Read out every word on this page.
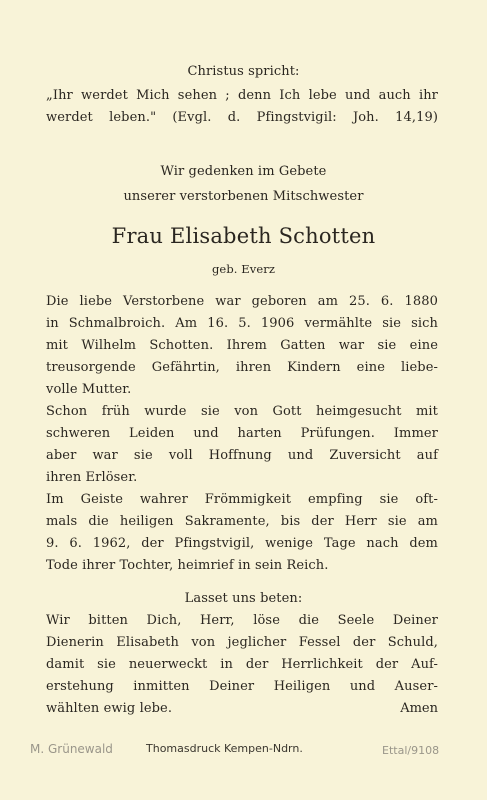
Christus spricht:
„Ihr werdet Mich sehen ; denn Ich lebe und auch ihr
werdet leben." (Evgl. d. Pfingstvigil: Joh. 14,19)
Wir gedenken im Gebete
unserer verstorbenen Mitschwester
Frau Elisabeth Schotten
geb. Everz
Die liebe Verstorbene war geboren am 25. 6. 1880
in Schmalbroich. Am 16. 5. 1906 vermählte sie sich
mit Wilhelm Schotten. Ihrem Gatten war sie eine
treusorgende Gefährtin, ihren Kindern eine liebe-
volle Mutter.
Schon früh wurde sie von Gott heimgesucht mit
schweren Leiden und harten Prüfungen. Immer
aber war sie voll Hoffnung und Zuversicht auf
ihren Erlöser.
Im Geiste wahrer Frömmigkeit empfing sie oft-
mals die heiligen Sakramente, bis der Herr sie am
9. 6. 1962, der Pfingstvigil, wenige Tage nach dem
Tode ihrer Tochter, heimrief in sein Reich.
Lasset uns beten:
Wir bitten Dich, Herr, löse die Seele Deiner
Dienerin Elisabeth von jeglicher Fessel der Schuld,
damit sie neuerweckt in der Herrlichkeit der Auf-
erstehung inmitten Deiner Heiligen und Auser-
wählten ewig lebe.	Amen
M. Grünewald	Thomasdruck Kempen-Ndrn.	Ettal/9108
